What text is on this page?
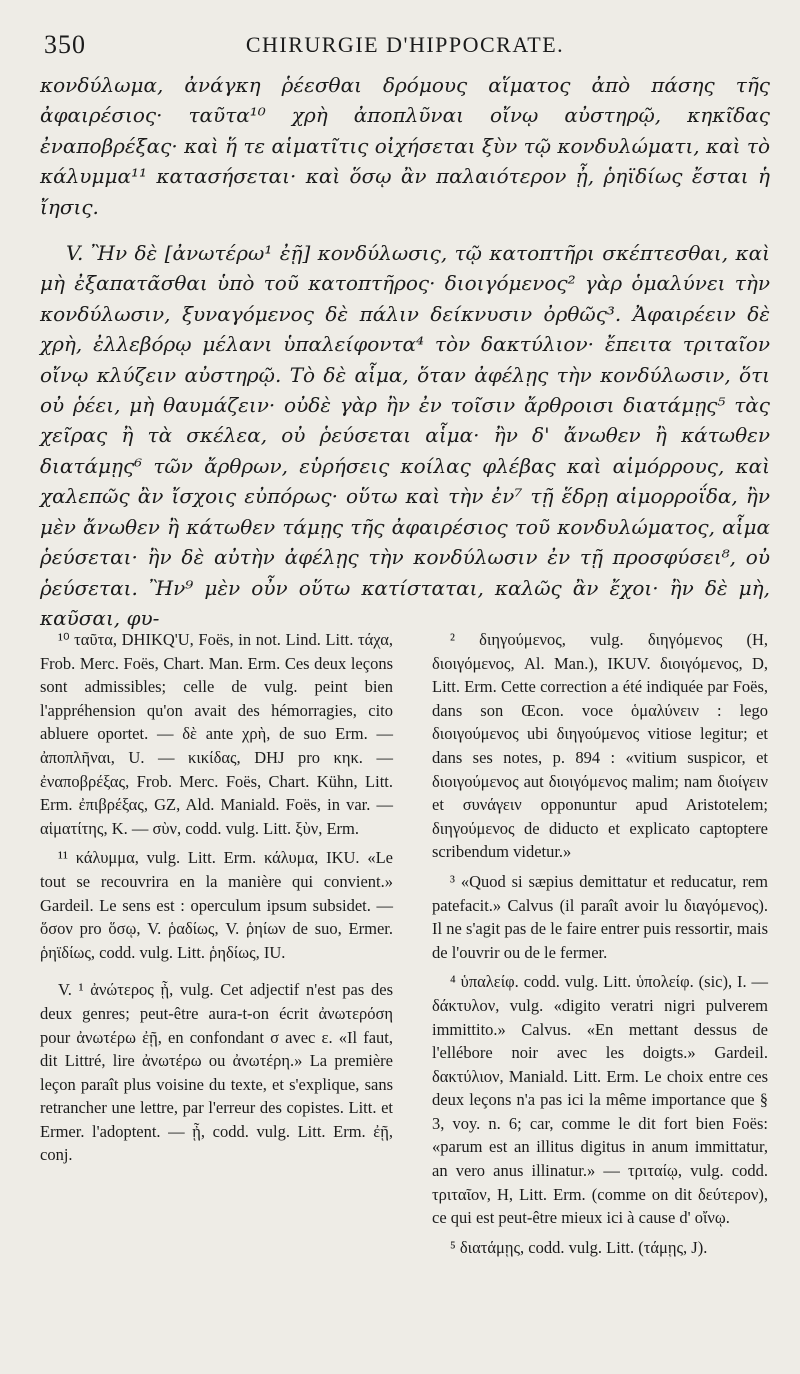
350	CHIRURGIE D'HIPPOCRATE.

κονδύλωμα, ἀνάγκη ῥέεσθαι δρόμους αἵματος ἀπὸ πάσης τῆς ἀφαιρέσιος· ταῦτα¹⁰ χρὴ ἀποπλῦναι οἴνῳ αὐστηρῷ, κηκῖδας ἐναποβρέξας· καὶ ἥ τε αἱματῖτις οἰχήσεται ξὺν τῷ κονδυλώματι, καὶ τὸ κάλυμμα¹¹ κατασήσεται· καὶ ὅσῳ ἂν παλαιότερον ᾖ, ῥηϊδίως ἔσται ἡ ἴησις.

V. Ἢν δὲ [ἀνωτέρω¹ ἐῇ] κονδύλωσις, τῷ κατοπτῆρι σκέπτεσθαι, καὶ μὴ ἐξαπατᾶσθαι ὑπὸ τοῦ κατοπτῆρος· διοιγόμενος² γὰρ ὁμαλύνει τὴν κονδύλωσιν, ξυναγόμενος δὲ πάλιν δείκνυσιν ὀρθῶς³. Ἀφαιρέειν δὲ χρὴ, ἐλλεβόρῳ μέλανι ὑπαλείφοντα⁴ τὸν δακτύλιον· ἔπειτα τριταῖον οἴνῳ κλύζειν αὐστηρῷ. Τὸ δὲ αἷμα, ὅταν ἀφέλῃς τὴν κονδύλωσιν, ὅτι οὐ ῥέει, μὴ θαυμάζειν· οὐδὲ γὰρ ἢν ἐν τοῖσιν ἄρθροισι διατάμῃς⁵ τὰς χεῖρας ἢ τὰ σκέλεα, οὐ ῥεύσεται αἷμα· ἢν δ' ἄνωθεν ἢ κάτωθεν διατάμῃς⁶ τῶν ἄρθρων, εὑρήσεις κοίλας φλέβας καὶ αἱμόρρους, καὶ χαλεπῶς ἂν ἴσχοις εὐπόρως· οὕτω καὶ τὴν ἐν⁷ τῇ ἕδρῃ αἱμορροΐδα, ἢν μὲν ἄνωθεν ἢ κάτωθεν τάμῃς τῆς ἀφαιρέσιος τοῦ κονδυλώματος, αἷμα ῥεύσεται· ἢν δὲ αὐτὴν ἀφέλῃς τὴν κονδύλωσιν ἐν τῇ προσφύσει⁸, οὐ ῥεύσεται. Ἢν⁹ μὲν οὖν οὕτω κατίσταται, καλῶς ἂν ἔχοι· ἢν δὲ μὴ, καῦσαι, φυ-

¹⁰ ταῦτα, DHIKQ'U, Foës, in not. Lind. Litt. τάχα, Frob. Merc. Foës, Chart. Man. Erm. Ces deux leçons sont admissibles; celle de vulg. peint bien l'appréhension qu'on avait des hémorragies, cito abluere oportet. — δὲ ante χρὴ, de suo Erm. — ἀποπλῆναι, U. — κικίδας, DHJ pro κηκ. — ἐναποβρέξας, Frob. Merc. Foës, Chart. Kühn, Litt. Erm. ἐπιβρέξας, GZ, Ald. Manіald. Foës, in var. — αἱματίτης, K. — σὺν, codd. vulg. Litt. ξὺν, Erm.

¹¹ κάλυμμα, vulg. Litt. Erm. κάλυμα, IKU. «Le tout se recouvrira en la manière qui convient.» Gardeil. Le sens est : operculum ipsum subsidet. — ὅσον pro ὅσῳ, V. ῥαδίως, V. ῥηίων de suo, Ermer. ῥηϊδίως, codd. vulg. Litt. ῥηδίως, IU.

V. ¹ ἀνώτερος ᾖ, vulg. Cet adjectif n'est pas des deux genres; peut-être aura-t-on écrit ἀνωτερόση pour ἀνωτέρω ἐῇ, en confondant σ avec ε. «Il faut, dit Littré, lire ἀνωτέρω ou ἀνωτέρη.» La première leçon paraît plus voisine du texte, et s'explique, sans retrancher une lettre, par l'erreur des copistes. Litt. et Ermer. l'adoptent. — ᾖ, codd. vulg. Litt. Erm. ἐῇ, conj.

² διηγούμενος, vulg. διηγόμενος (H, διοιγόμενος, Al. Man.), IKUV. διοιγόμενος, D, Litt. Erm. Cette correction a été indiquée par Foës, dans son Œcon. voce ὁμαλύνειν : lego διοιγούμενος ubi διηγούμενος vitiose legitur; et dans ses notes, p. 894 : «vitium suspicor, et διοιγούμενος aut διοιγόμενος malim; nam διοίγειν et συνάγειν opponuntur apud Aristotelem; διηγούμενος de diducto et explicato captoptere scribendum videtur.»

³ «Quod si sæpius demittatur et reducatur, rem patefacit.» Calvus (il paraît avoir lu διαγόμενος). Il ne s'agit pas de le faire entrer puis ressortir, mais de l'ouvrir ou de le fermer.

⁴ ὑπαλείφ. codd. vulg. Litt. ὑπολείφ. (sic), I. — δάκτυλον, vulg. «digito veratri nigri pulverem immittito.» Calvus. «En mettant dessus de l'ellébore noir avec les doigts.» Gardeil. δακτύλιον, Manіald. Litt. Erm. Le choix entre ces deux leçons n'a pas ici la même importance que § 3, voy. n. 6; car, comme le dit fort bien Foës: «parum est an illitus digitus in anum immittatur, an vero anus illinatur.» — τριταίῳ, vulg. codd. τριταῖον, H, Litt. Erm. (comme on dit δεύτερον), ce qui est peut-être mieux ici à cause d' οἴνῳ.

⁵ διατάμῃς, codd. vulg. Litt. (τάμῃς, J).
